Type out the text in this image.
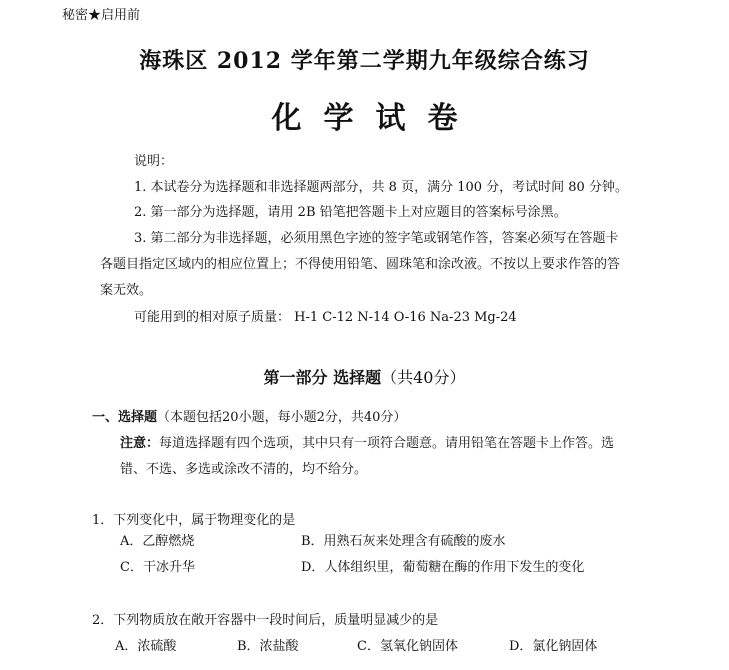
秘密★启用前
海珠区 2012 学年第二学期九年级综合练习
化学试卷
说明：
1. 本试卷分为选择题和非选择题两部分，共 8 页，满分 100 分，考试时间 80 分钟。
2. 第一部分为选择题，请用 2B 铅笔把答题卡上对应题目的答案标号涂黑。
3. 第二部分为非选择题，必须用黑色字迹的签字笔或钢笔作答，答案必须写在答题卡
各题目指定区域内的相应位置上；不得使用铅笔、圆珠笔和涂改液。不按以上要求作答的答
案无效。
可能用到的相对原子质量： H-1 C-12 N-14 O-16 Na-23 Mg-24
第一部分 选择题（共40分）
一、选择题（本题包括20小题，每小题2分，共40分）
注意：每道选择题有四个选项，其中只有一项符合题意。请用铅笔在答题卡上作答。选
错、不选、多选或涂改不清的，均不给分。
1．下列变化中，属于物理变化的是
A．乙醇燃烧	B．用熟石灰来处理含有硫酸的废水
C．干冰升华	D．人体组织里，葡萄糖在酶的作用下发生的变化
2．下列物质放在敞开容器中一段时间后，质量明显减少的是
A．浓硫酸	B．浓盐酸	C．氢氧化钠固体	D．氯化钠固体
